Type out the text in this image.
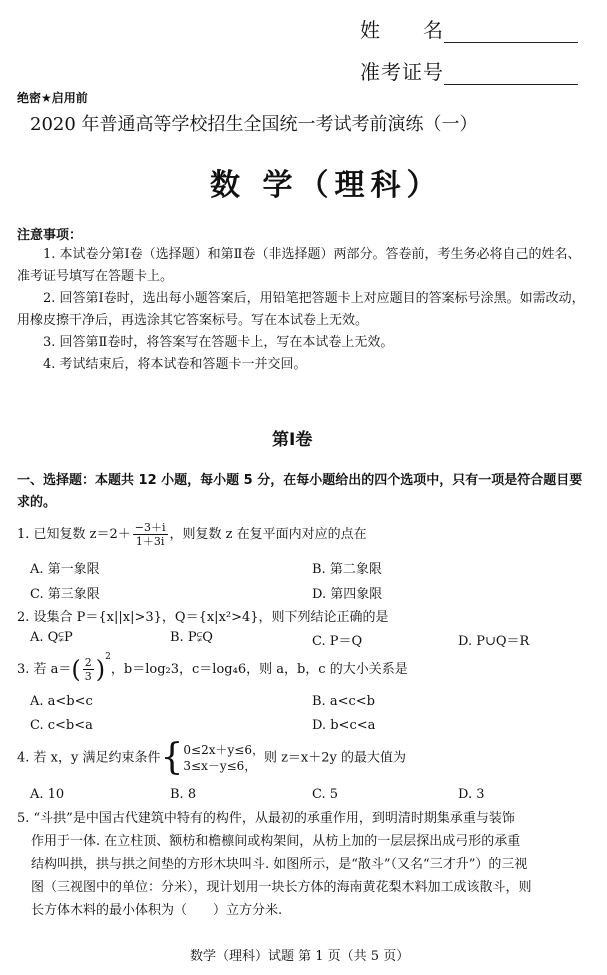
姓　　名
准考证号
绝密★启用前
2020 年普通高等学校招生全国统一考试考前演练（一）
数 学（理科）
注意事项：
1. 本试卷分第Ⅰ卷（选择题）和第Ⅱ卷（非选择题）两部分。答卷前，考生务必将自己的姓名、准考证号填写在答题卡上。
2. 回答第Ⅰ卷时，选出每小题答案后，用铅笔把答题卡上对应题目的答案标号涂黑。如需改动，用橡皮擦干净后，再选涂其它答案标号。写在本试卷上无效。
3. 回答第Ⅱ卷时，将答案写在答题卡上，写在本试卷上无效。
4. 考试结束后，将本试卷和答题卡一并交回。
第Ⅰ卷
一、选择题：本题共 12 小题，每小题 5 分，在每小题给出的四个选项中，只有一项是符合题目要求的。
1. 已知复数 $z=2+ \frac{-3+i}{1+3i}$ ，则复数 z 在复平面内对应的点在
A. 第一象限	B. 第二象限
C. 第三象限	D. 第四象限
2. 设集合 P＝{x||x|>3}，Q＝{x|x²>4}，则下列结论正确的是
A. Q⫋P	B. P⫋Q	C. P＝Q	D. P∪Q＝R
3. 若 $a=( \frac{2}{3} )^2$，b＝log₂3，c＝log₄6，则 a，b，c 的大小关系是
A. a<b<c	B. a<c<b
C. c<b<a	D. b<c<a
4. 若 x，y 满足约束条件{ 0≤2x＋y≤6，
3≤x－y≤6，
则 z＝x＋2y 的最大值为
A. 10	B. 8	C. 5	D. 3
5. “斗拱”是中国古代建筑中特有的构件，从最初的承重作用，到明清时期集承重与装饰
作用于一体. 在立柱顶、额枋和檐檩间或构架间，从枋上加的一层层探出成弓形的承重
结构叫拱，拱与拱之间垫的方形木块叫斗. 如图所示，是“散斗”（又名“三才升”）的三视
图（三视图中的单位：分米），现计划用一块长方体的海南黄花梨木料加工成该散斗，则
长方体木料的最小体积为（　　）立方分米.
数学（理科）试题 第 1 页（共 5 页）
